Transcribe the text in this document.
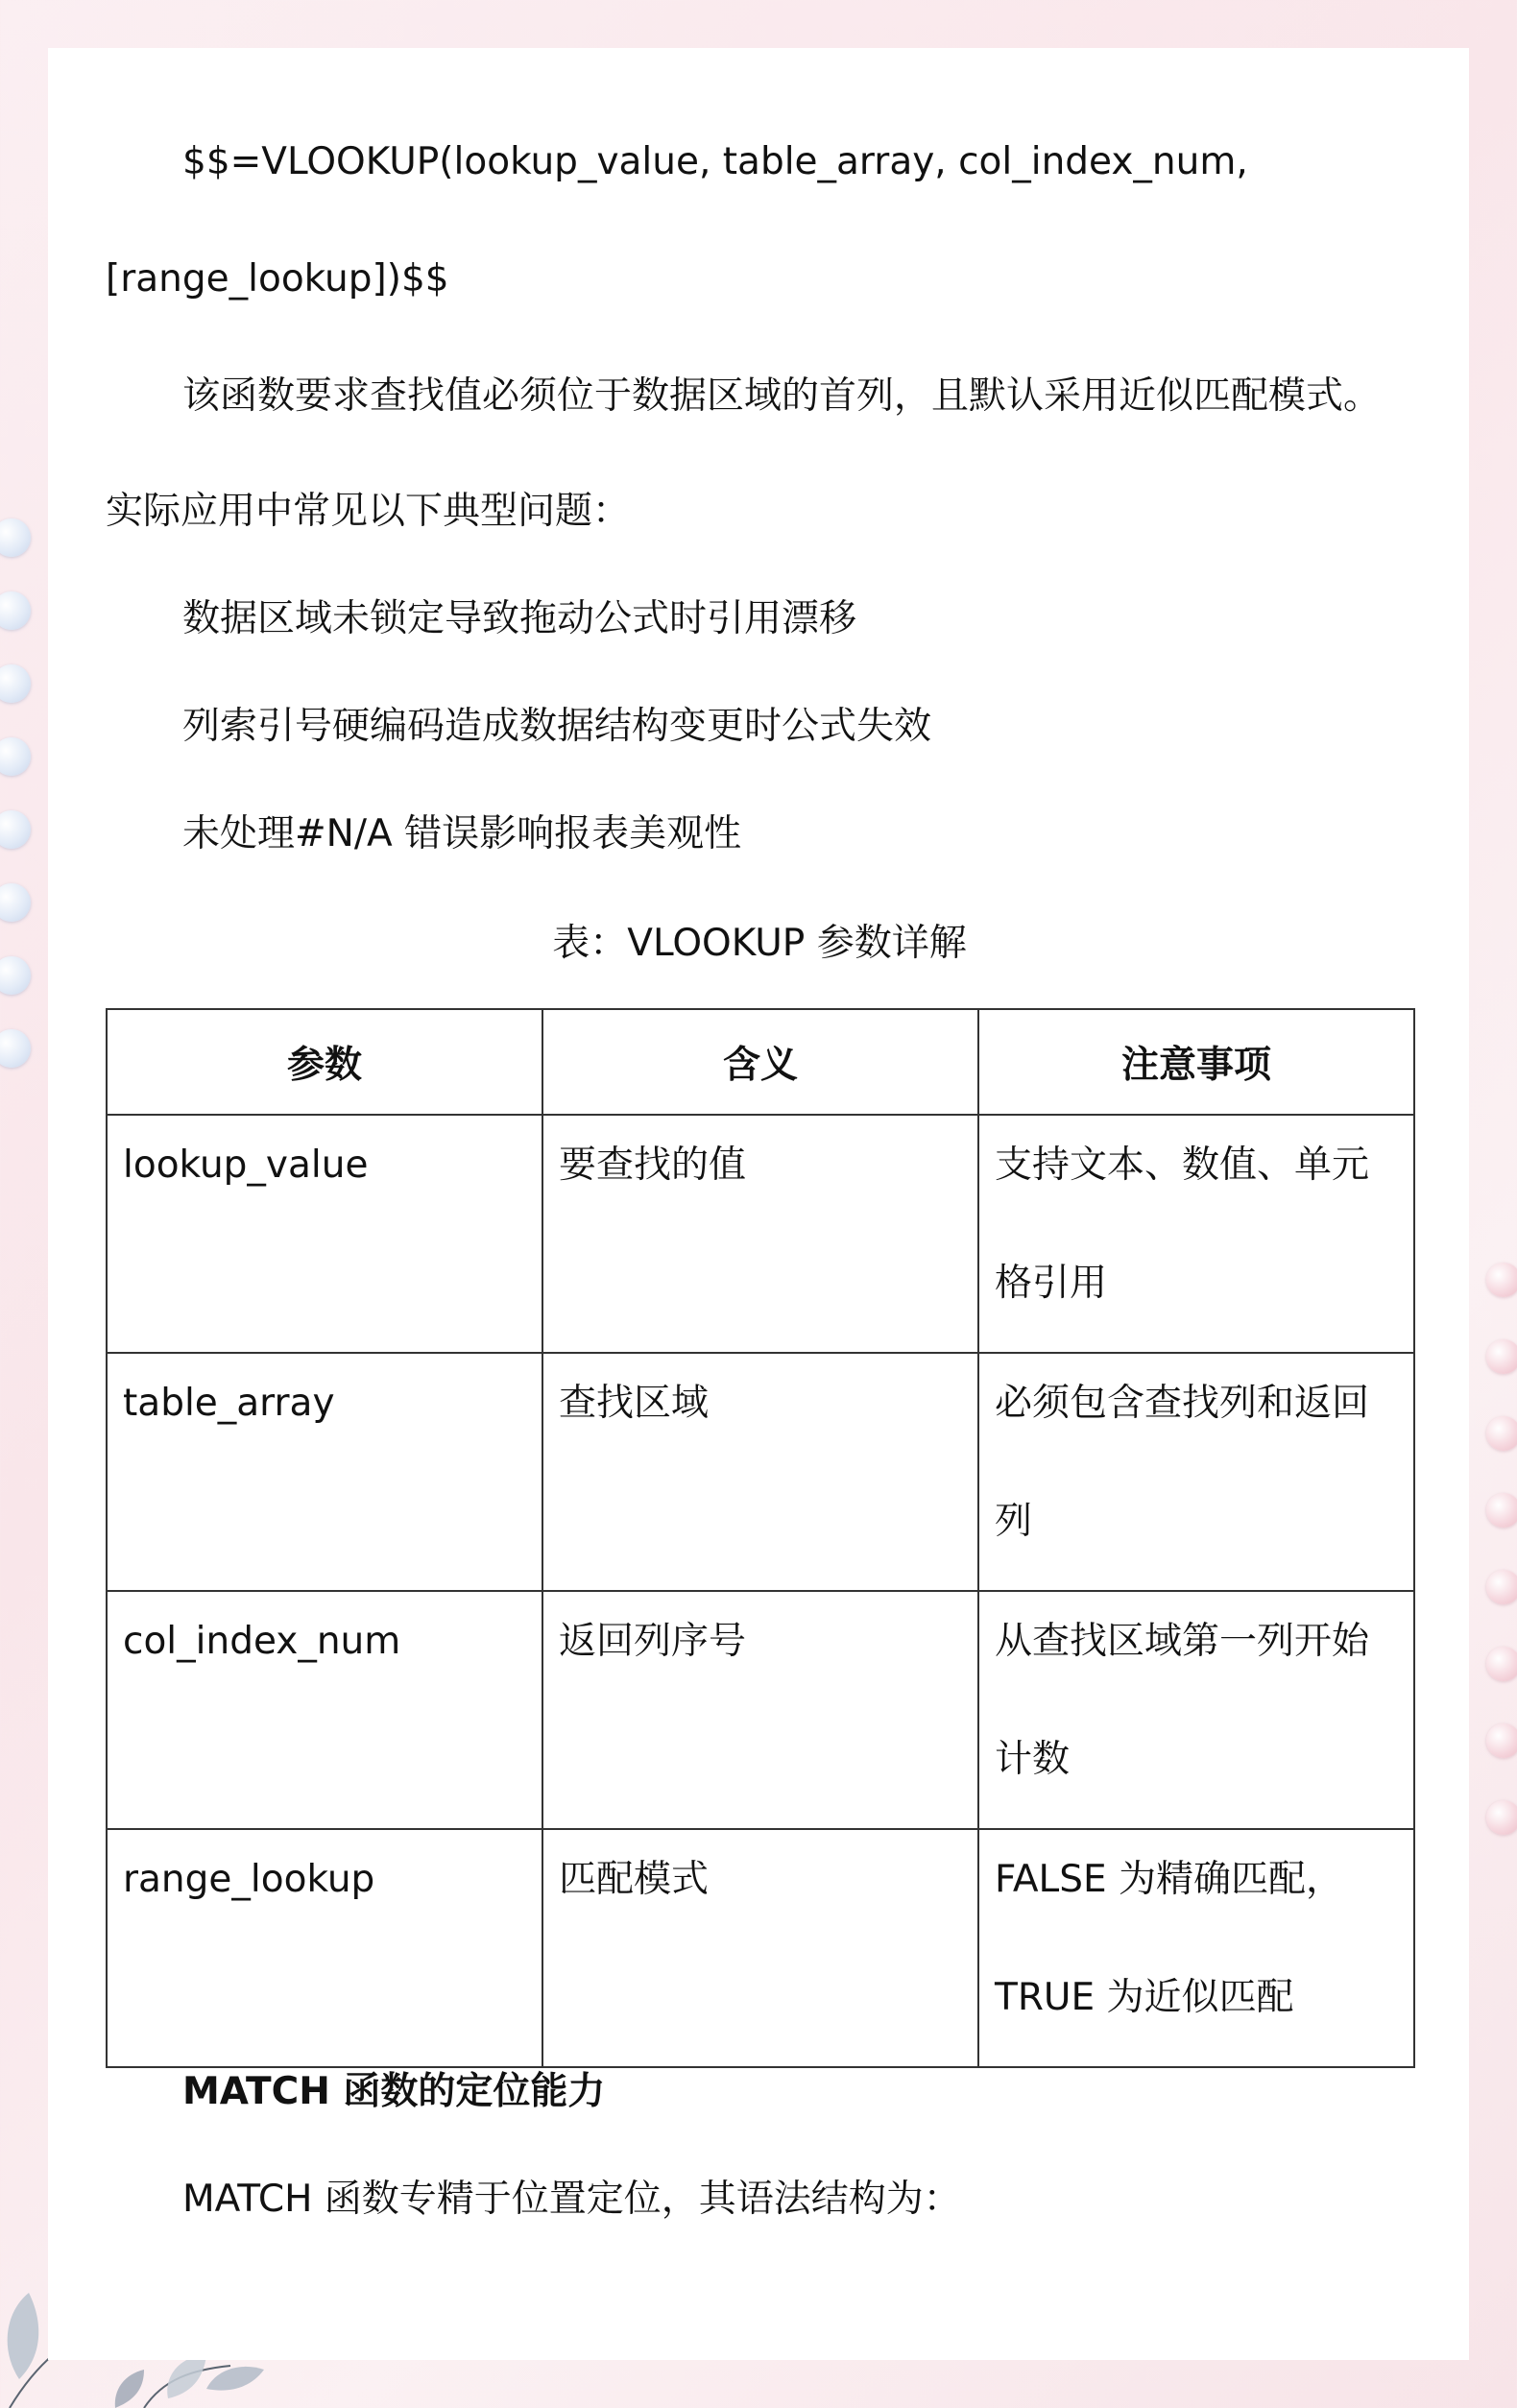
$$=VLOOKUP(lookup_value, table_array, col_index_num,
[range_lookup])$$
该函数要求查找值必须位于数据区域的首列，且默认采用近似匹配模式。
实际应用中常见以下典型问题：
数据区域未锁定导致拖动公式时引用漂移
列索引号硬编码造成数据结构变更时公式失效
未处理#N/A 错误影响报表美观性
表：VLOOKUP 参数详解
参数	含义	注意事项

lookup_value	要查找的值	支持文本、数值、单元格引用

table_array	查找区域	必须包含查找列和返回列

col_index_num	返回列序号	从查找区域第一列开始计数

range_lookup	匹配模式	FALSE 为精确匹配，TRUE 为近似匹配
MATCH 函数的定位能力
MATCH 函数专精于位置定位，其语法结构为：
